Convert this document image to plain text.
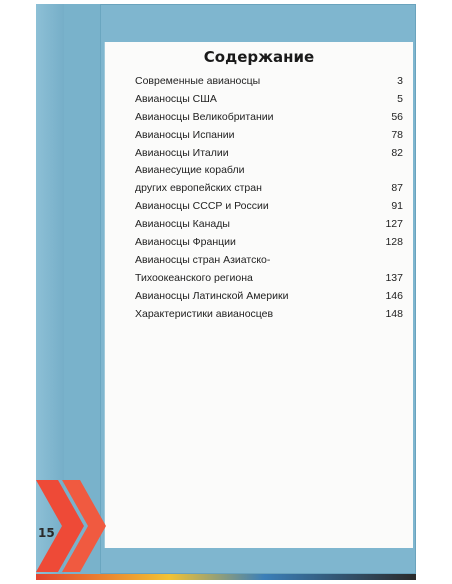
Содержание
Современные авианосцы	3
Авианосцы США	5
Авианосцы Великобритании	56
Авианосцы Испании	78
Авианосцы Италии	82
Авианесущие корабли
других европейских стран	87
Авианосцы СССР и России	91
Авианосцы Канады	127
Авианосцы Франции	128
Авианосцы стран Азиатско-
Тихоокеанского региона	137
Авианосцы Латинской Америки	146
Характеристики авианосцев	148
15
